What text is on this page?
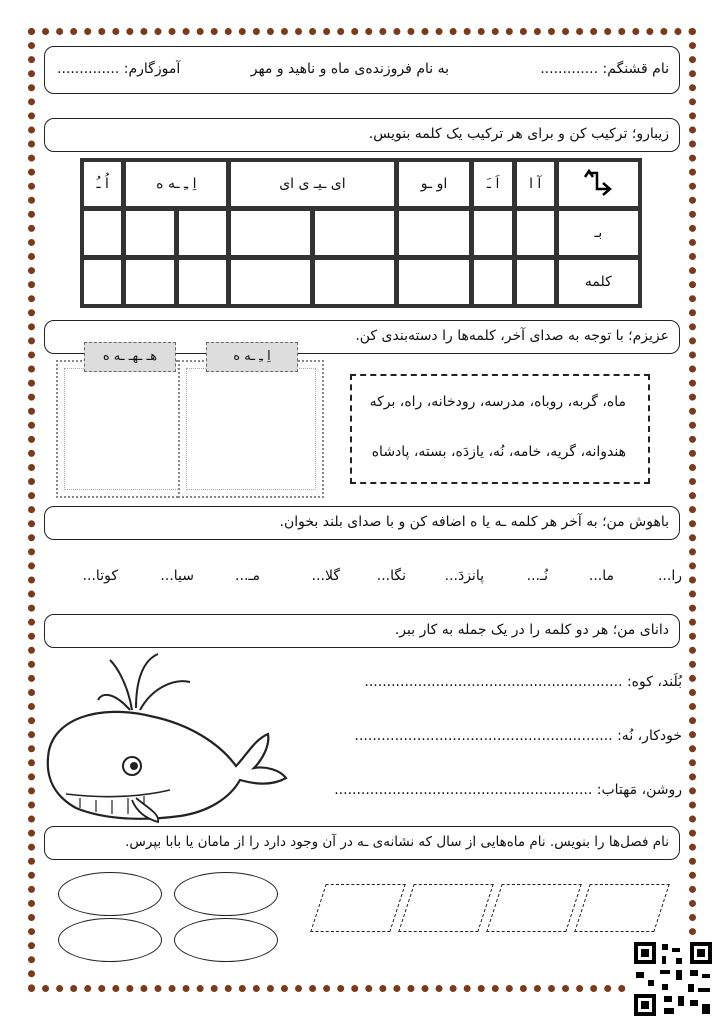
نام قشنگم: .............
به نام فروزنده‌ی ماه و ناهید و مهر
آموزگارم: ..............
زیبارو؛ ترکیب کن و برای هر ترکیب یک کلمه بنویس.
	آ ا	اَ ـَ	او ـو	ای ـیـ ی ای		اِ ـِ ـه ه		اُ ـُ
بـ								
کلمه								
عزیزم؛ با توجه به صدای آخر، کلمه‌ها را دسته‌بندی کن.
هـ ـهـ ـه ه	اِ ـِ ـه ه
ماه، گربه، روباه، مدرسه، رودخانه، راه، برکه
هندوانه، گریه، خامه، نُه، یازدَه، بسته، پادشاه
باهوش من؛ به آخر هر کلمه ـه یا ه اضافه کن و با صدای بلند بخوان.
را...
ما...
نُـ...
پانزدَ...
نگا...
گلا...
مـ...
سیا...
کوتا...
دانای من؛ هر دو کلمه را در یک جمله به کار ببر.
بُلَند، کوه: ..........................................................
خودکار، نُه: ..........................................................
روشن، مَهتاب: ..........................................................
نام فصل‌ها را بنویس. نام ماه‌هایی از سال که نشانه‌ی ـه در آن وجود دارد را از مامان یا بابا بپرس.
